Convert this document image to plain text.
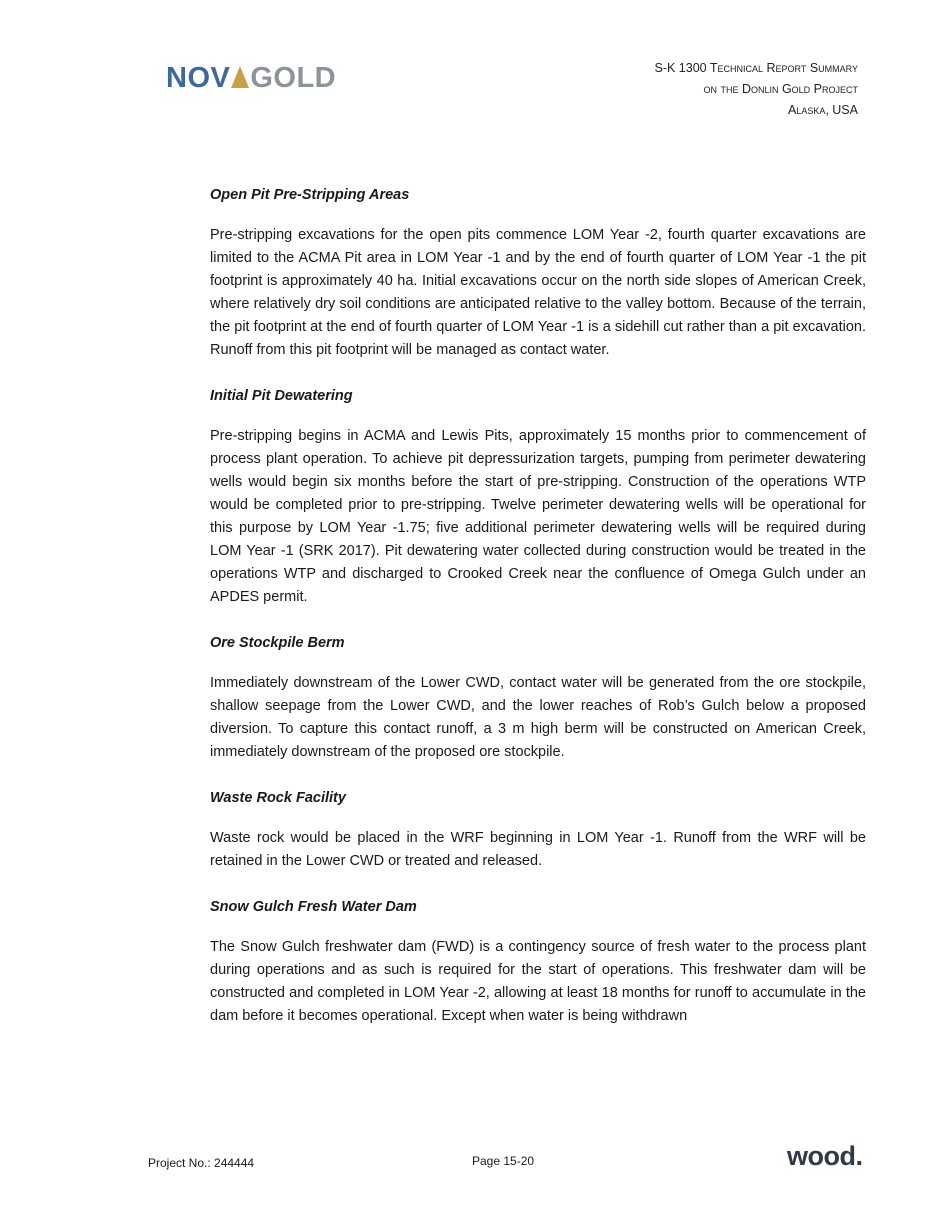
NOV GOLD	S-K 1300 Technical Report Summary
on the Donlin Gold Project
Alaska, USA

Open Pit Pre-Stripping Areas

Pre-stripping excavations for the open pits commence LOM Year -2, fourth quarter excavations are limited to the ACMA Pit area in LOM Year -1 and by the end of fourth quarter of LOM Year -1 the pit footprint is approximately 40 ha. Initial excavations occur on the north side slopes of American Creek, where relatively dry soil conditions are anticipated relative to the valley bottom. Because of the terrain, the pit footprint at the end of fourth quarter of LOM Year -1 is a sidehill cut rather than a pit excavation. Runoff from this pit footprint will be managed as contact water.

Initial Pit Dewatering

Pre-stripping begins in ACMA and Lewis Pits, approximately 15 months prior to commencement of process plant operation. To achieve pit depressurization targets, pumping from perimeter dewatering wells would begin six months before the start of pre-stripping. Construction of the operations WTP would be completed prior to pre-stripping. Twelve perimeter dewatering wells will be operational for this purpose by LOM Year -1.75; five additional perimeter dewatering wells will be required during LOM Year -1 (SRK 2017). Pit dewatering water collected during construction would be treated in the operations WTP and discharged to Crooked Creek near the confluence of Omega Gulch under an APDES permit.

Ore Stockpile Berm

Immediately downstream of the Lower CWD, contact water will be generated from the ore stockpile, shallow seepage from the Lower CWD, and the lower reaches of Rob’s Gulch below a proposed diversion. To capture this contact runoff, a 3 m high berm will be constructed on American Creek, immediately downstream of the proposed ore stockpile.

Waste Rock Facility

Waste rock would be placed in the WRF beginning in LOM Year -1. Runoff from the WRF will be retained in the Lower CWD or treated and released.

Snow Gulch Fresh Water Dam

The Snow Gulch freshwater dam (FWD) is a contingency source of fresh water to the process plant during operations and as such is required for the start of operations. This freshwater dam will be constructed and completed in LOM Year -2, allowing at least 18 months for runoff to accumulate in the dam before it becomes operational. Except when water is being withdrawn

Project No.: 244444	Page 15-20	wood.
